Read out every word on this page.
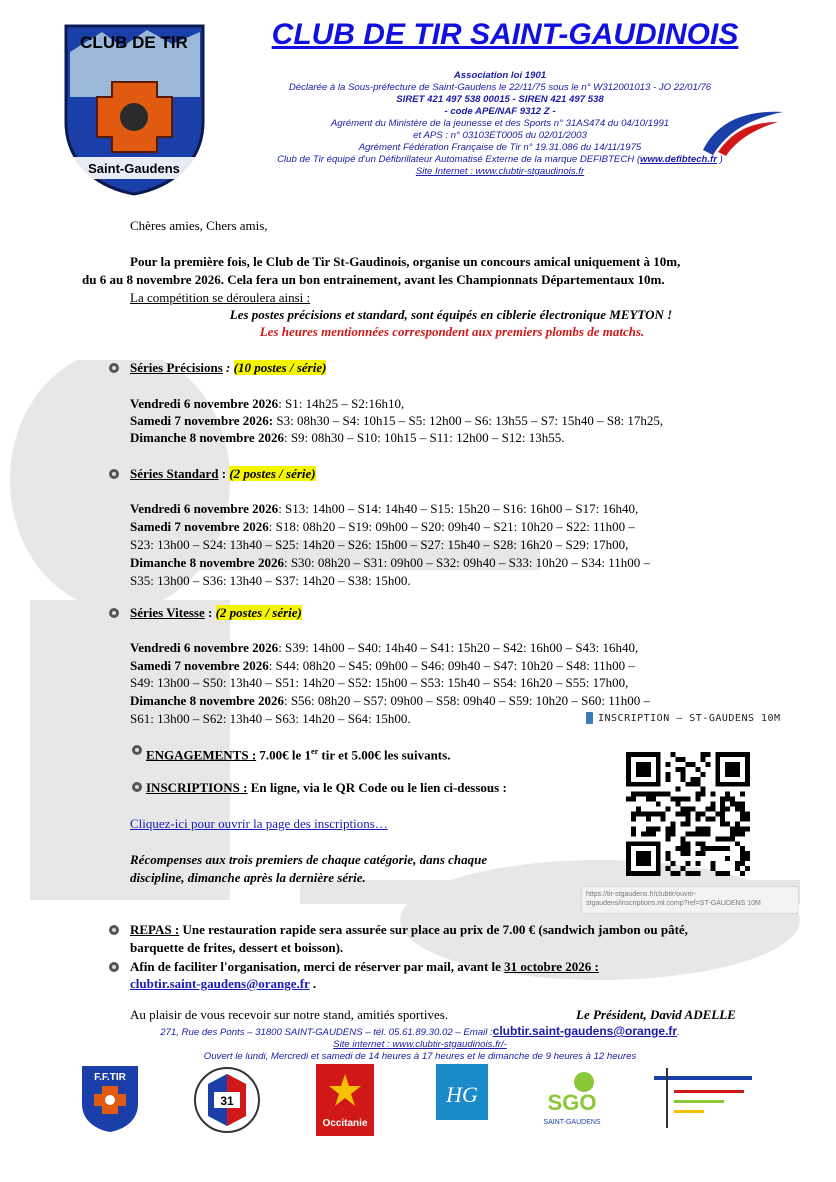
CLUB DE TIR
Saint-Gaudens
CLUB DE TIR SAINT-GAUDINOIS
Association loi 1901
Déclarée à la Sous-préfecture de Saint-Gaudens le 22/11/75 sous le n° W312001013 - JO 22/01/76
SIRET 421 497 538 00015 - SIREN 421 497 538
- code APE/NAF 9312 Z -
Agrément du Ministère de la jeunesse et des Sports n° 31AS474 du 04/10/1991
et APS : n° 03103ET0005 du 02/01/2003
Agrément Fédération Française de Tir n° 19.31.086 du 14/11/1975
Club de Tir équipé d'un Défibrillateur Automatisé Externe de la marque DEFIBTECH (www.defibtech.fr )
Site Internet : www.clubtir-stgaudinois.fr
Chères amies, Chers amis,
Pour la première fois, le Club de Tir St-Gaudinois, organise un concours amical uniquement à 10m,
du 6 au 8 novembre 2026. Cela fera un bon entrainement, avant les Championnats Départementaux 10m.
La compétition se déroulera ainsi :
Les postes précisions et standard, sont équipés en ciblerie électronique MEYTON !
Les heures mentionnées correspondent aux premiers plombs de matchs.
Séries Précisions : (10 postes / série)
Vendredi 6 novembre 2026: S1: 14h25 – S2:16h10,
Samedi 7 novembre 2026: S3: 08h30 – S4: 10h15 – S5: 12h00 – S6: 13h55 – S7: 15h40 – S8: 17h25,
Dimanche 8 novembre 2026: S9: 08h30 – S10: 10h15 – S11: 12h00 – S12: 13h55.
Séries Standard : (2 postes / série)
Vendredi 6 novembre 2026: S13: 14h00 – S14: 14h40 – S15: 15h20 – S16: 16h00 – S17: 16h40,
Samedi 7 novembre 2026: S18: 08h20 – S19: 09h00 – S20: 09h40 – S21: 10h20 – S22: 11h00 –
S23: 13h00 – S24: 13h40 – S25: 14h20 – S26: 15h00 – S27: 15h40 – S28: 16h20 – S29: 17h00,
Dimanche 8 novembre 2026: S30: 08h20 – S31: 09h00 – S32: 09h40 – S33: 10h20 – S34: 11h00 –
S35: 13h00 – S36: 13h40 – S37: 14h20 – S38: 15h00.
Séries Vitesse : (2 postes / série)
Vendredi 6 novembre 2026: S39: 14h00 – S40: 14h40 – S41: 15h20 – S42: 16h00 – S43: 16h40,
Samedi 7 novembre 2026: S44: 08h20 – S45: 09h00 – S46: 09h40 – S47: 10h20 – S48: 11h00 –
S49: 13h00 – S50: 13h40 – S51: 14h20 – S52: 15h00 – S53: 15h40 – S54: 16h20 – S55: 17h00,
Dimanche 8 novembre 2026: S56: 08h20 – S57: 09h00 – S58: 09h40 – S59: 10h20 – S60: 11h00 –
S61: 13h00 – S62: 13h40 – S63: 14h20 – S64: 15h00.	INSCRIPTION – ST-GAUDENS 10M
ENGAGEMENTS : 7.00€ le 1er tir et 5.00€ les suivants.
INSCRIPTIONS : En ligne, via le QR Code ou le lien ci-dessous :
Cliquez-ici pour ouvrir la page des inscriptions…
https://tir-stgaudens.fr/clubtir/ouvrir-stgaudens/inscriptions.ml.comp?ref=ST-GAUDENS 10M
Récompenses aux trois premiers de chaque catégorie, dans chaque
discipline, dimanche après la dernière série.
REPAS : Une restauration rapide sera assurée sur place au prix de 7.00 € (sandwich jambon ou pâté,
barquette de frites, dessert et boisson).
Afin de faciliter l'organisation, merci de réserver par mail, avant le 31 octobre 2026 :
clubtir.saint-gaudens@orange.fr .
Au plaisir de vous recevoir sur notre stand, amitiés sportives.	Le Président, David ADELLE
271, Rue des Ponts – 31800 SAINT-GAUDENS – tél. 05.61.89.30.02 – Email :clubtir.saint-gaudens@orange.fr.
Site internet : www.clubtir-stgaudinois.fr/-
Ouvert le lundi, Mercredi et samedi de 14 heures à 17 heures et le dimanche de 9 heures à 12 heures
F.F.TIR
31
Occitanie
HG	SGO
SAINT-GAUDENS
